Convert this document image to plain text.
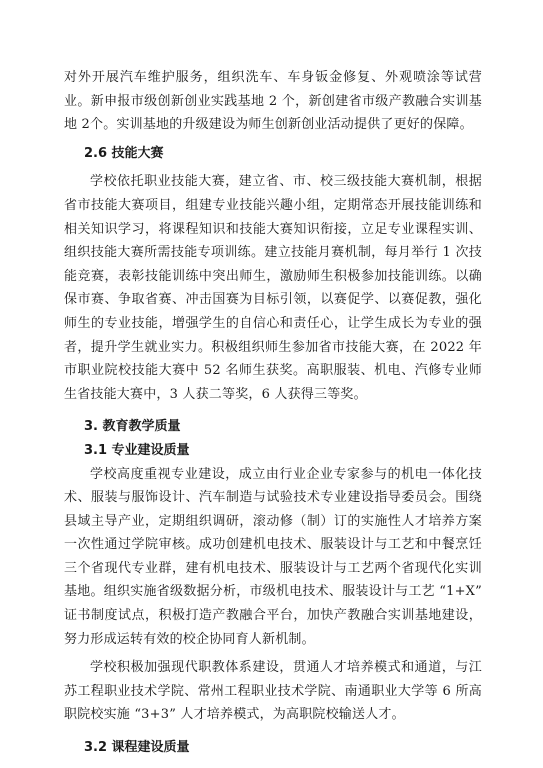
对外开展汽车维护服务，组织洗车、车身钣金修复、外观喷涂等试营业。新申报市级创新创业实践基地 2 个，新创建省市级产教融合实训基地 2个。实训基地的升级建设为师生创新创业活动提供了更好的保障。

2.6 技能大赛

学校依托职业技能大赛，建立省、市、校三级技能大赛机制，根据省市技能大赛项目，组建专业技能兴趣小组，定期常态开展技能训练和相关知识学习，将课程知识和技能大赛知识衔接，立足专业课程实训、组织技能大赛所需技能专项训练。建立技能月赛机制，每月举行 1 次技能竞赛，表彰技能训练中突出师生，激励师生积极参加技能训练。以确保市赛、争取省赛、冲击国赛为目标引领，以赛促学、以赛促教，强化师生的专业技能，增强学生的自信心和责任心，让学生成长为专业的强者，提升学生就业实力。积极组织师生参加省市技能大赛，在 2022 年市职业院校技能大赛中 52 名师生获奖。高职服装、机电、汽修专业师生省技能大赛中，3 人获二等奖，6 人获得三等奖。

3. 教育教学质量

3.1 专业建设质量

学校高度重视专业建设，成立由行业企业专家参与的机电一体化技术、服装与服饰设计、汽车制造与试验技术专业建设指导委员会。围绕县域主导产业，定期组织调研，滚动修（制）订的实施性人才培养方案一次性通过学院审核。成功创建机电技术、服装设计与工艺和中餐烹饪三个省现代专业群，建有机电技术、服装设计与工艺两个省现代化实训基地。组织实施省级数据分析，市级机电技术、服装设计与工艺 “1+X” 证书制度试点，积极打造产教融合平台，加快产教融合实训基地建设，努力形成运转有效的校企协同育人新机制。

学校积极加强现代职教体系建设，贯通人才培养模式和通道，与江苏工程职业技术学院、常州工程职业技术学院、南通职业大学等 6 所高职院校实施 “3+3” 人才培养模式，为高职院校输送人才。

3.2 课程建设质量
